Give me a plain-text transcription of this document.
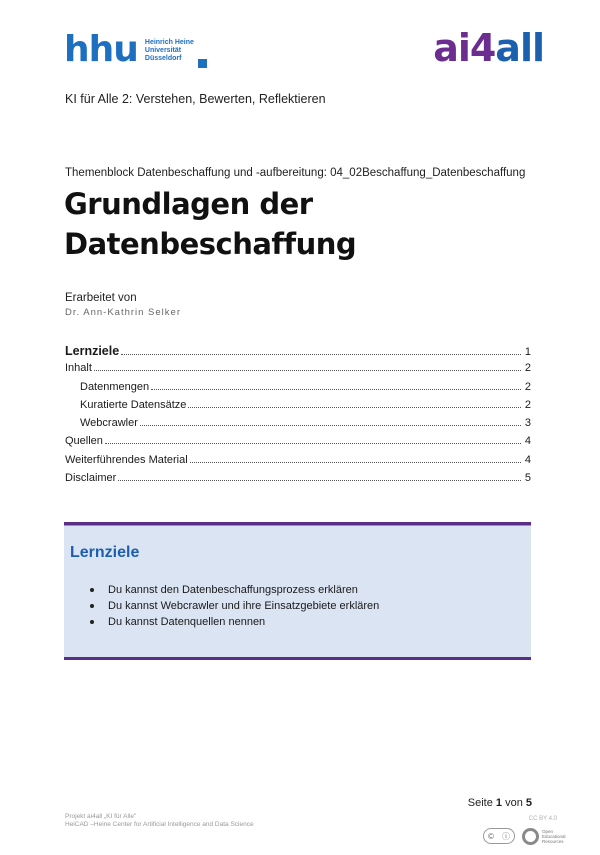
hhu Heinrich Heine
Universität
Düsseldorf	ai4all
KI für Alle 2: Verstehen, Bewerten, Reflektieren
Themenblock Datenbeschaffung und -aufbereitung: 04_02Beschaffung_Datenbeschaffung
Grundlagen der
Datenbeschaffung
Erarbeitet von
Dr. Ann-Kathrin Selker
Lernziele	1
Inhalt	2
Datenmengen	2
Kuratierte Datensätze	2
Webcrawler	3
Quellen	4
Weiterführendes Material	4
Disclaimer	5
Lernziele
Du kannst den Datenbeschaffungsprozess erklären
Du kannst Webcrawler und ihre Einsatzgebiete erklären
Du kannst Datenquellen nennen
Seite 1 von 5
Projekt ai4all „KI für Alle"
HeiCAD –Heine Center for Artificial Intelligence and Data Science
CC BY 4.0
© ⓘ	Open
Educational
Resources
